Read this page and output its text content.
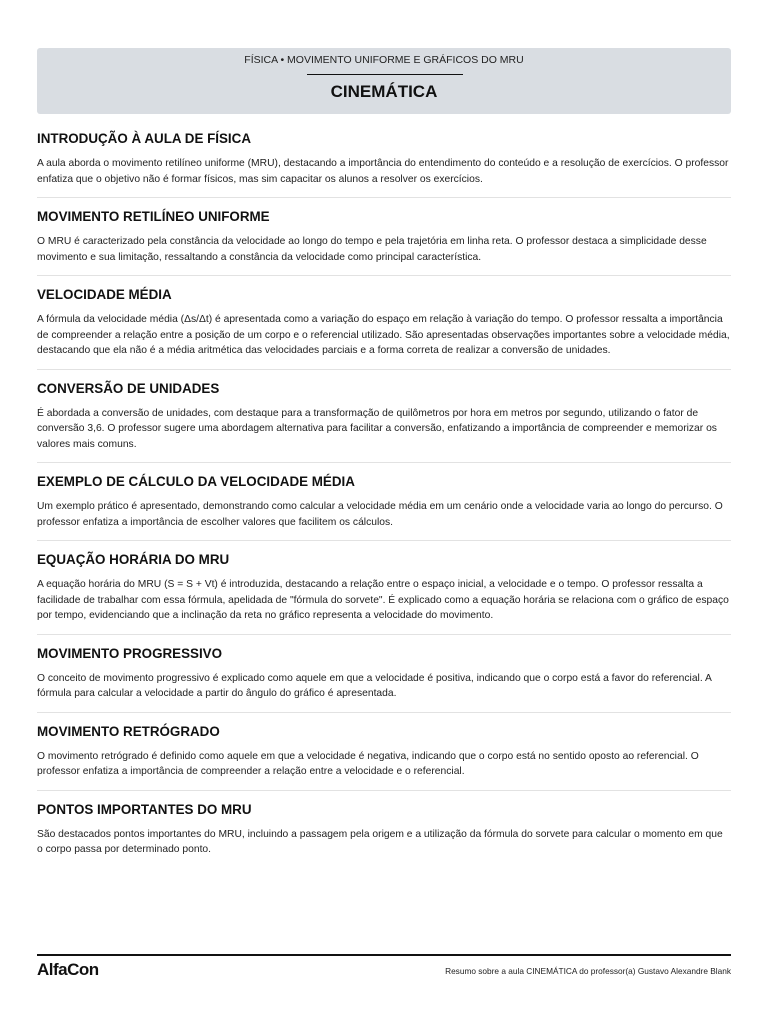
FÍSICA • MOVIMENTO UNIFORME E GRÁFICOS DO MRU
CINEMÁTICA
INTRODUÇÃO À AULA DE FÍSICA

A aula aborda o movimento retilíneo uniforme (MRU), destacando a importância do entendimento do conteúdo e a resolução de exercícios. O professor enfatiza que o objetivo não é formar físicos, mas sim capacitar os alunos a resolver os exercícios.

MOVIMENTO RETILÍNEO UNIFORME

O MRU é caracterizado pela constância da velocidade ao longo do tempo e pela trajetória em linha reta. O professor destaca a simplicidade desse movimento e sua limitação, ressaltando a constância da velocidade como principal característica.

VELOCIDADE MÉDIA

A fórmula da velocidade média (Δs/Δt) é apresentada como a variação do espaço em relação à variação do tempo. O professor ressalta a importância de compreender a relação entre a posição de um corpo e o referencial utilizado. São apresentadas observações importantes sobre a velocidade média, destacando que ela não é a média aritmética das velocidades parciais e a forma correta de realizar a conversão de unidades.

CONVERSÃO DE UNIDADES

É abordada a conversão de unidades, com destaque para a transformação de quilômetros por hora em metros por segundo, utilizando o fator de conversão 3,6. O professor sugere uma abordagem alternativa para facilitar a conversão, enfatizando a importância de compreender e memorizar os valores mais comuns.

EXEMPLO DE CÁLCULO DA VELOCIDADE MÉDIA

Um exemplo prático é apresentado, demonstrando como calcular a velocidade média em um cenário onde a velocidade varia ao longo do percurso. O professor enfatiza a importância de escolher valores que facilitem os cálculos.

EQUAÇÃO HORÁRIA DO MRU

A equação horária do MRU (S = S + Vt) é introduzida, destacando a relação entre o espaço inicial, a velocidade e o tempo. O professor ressalta a facilidade de trabalhar com essa fórmula, apelidada de "fórmula do sorvete". É explicado como a equação horária se relaciona com o gráfico de espaço por tempo, evidenciando que a inclinação da reta no gráfico representa a velocidade do movimento.

MOVIMENTO PROGRESSIVO

O conceito de movimento progressivo é explicado como aquele em que a velocidade é positiva, indicando que o corpo está a favor do referencial. A fórmula para calcular a velocidade a partir do ângulo do gráfico é apresentada.

MOVIMENTO RETRÓGRADO

O movimento retrógrado é definido como aquele em que a velocidade é negativa, indicando que o corpo está no sentido oposto ao referencial. O professor enfatiza a importância de compreender a relação entre a velocidade e o referencial.

PONTOS IMPORTANTES DO MRU

São destacados pontos importantes do MRU, incluindo a passagem pela origem e a utilização da fórmula do sorvete para calcular o momento em que o corpo passa por determinado ponto.

AlfaCon	Resumo sobre a aula CINEMÁTICA do professor(a) Gustavo Alexandre Blank
